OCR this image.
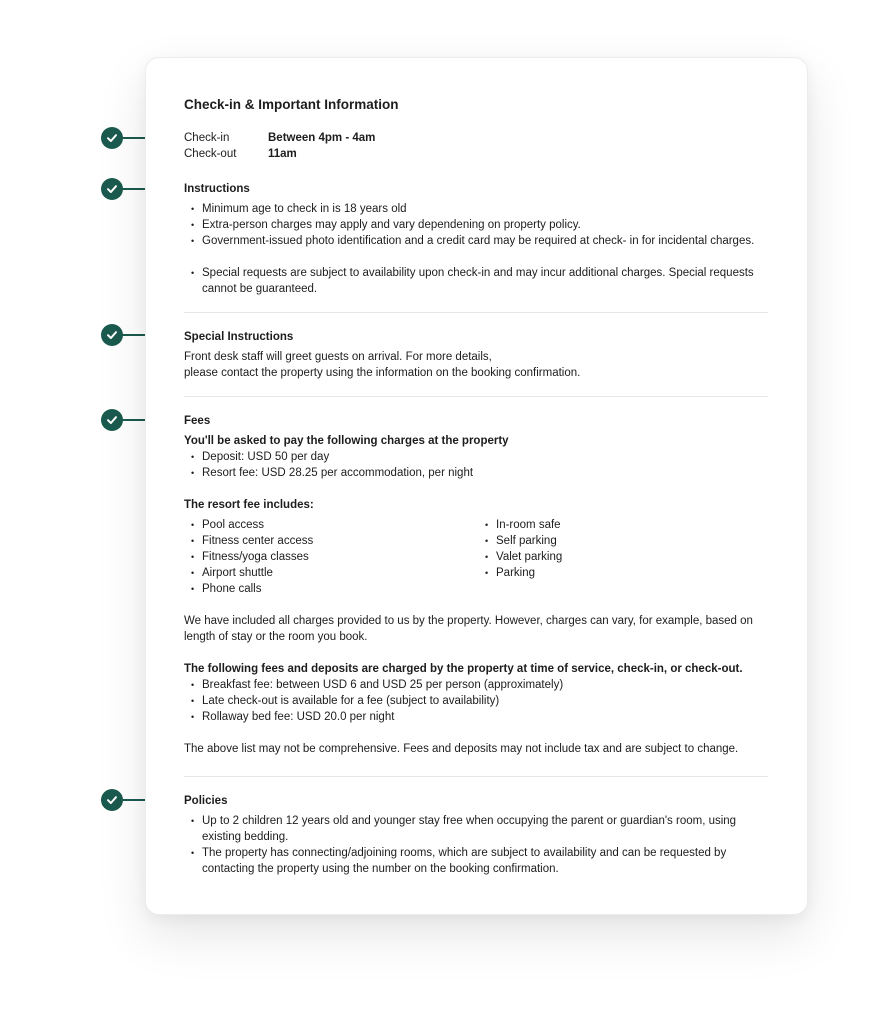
Check-in & Important Information
Check-in	Between 4pm - 4am
Check-out	11am
Instructions
• Minimum age to check in is 18 years old
• Extra-person charges may apply and vary dependening on property policy.
• Government-issued photo identification and a credit card may be required at check- in for incidental charges.
• Special requests are subject to availability upon check-in and may incur additional charges. Special requests cannot be guaranteed.
Special Instructions
Front desk staff will greet guests on arrival. For more details,
please contact the property using the information on the booking confirmation.
Fees
You'll be asked to pay the following charges at the property
• Deposit: USD 50 per day
• Resort fee: USD 28.25 per accommodation, per night
The resort fee includes:
• Pool access
• Fitness center access
• Fitness/yoga classes
• Airport shuttle
• Phone calls
• In-room safe
• Self parking
• Valet parking
• Parking
We have included all charges provided to us by the property. However, charges can vary, for example, based on length of stay or the room you book.
The following fees and deposits are charged by the property at time of service, check-in, or check-out.
• Breakfast fee: between USD 6 and USD 25 per person (approximately)
• Late check-out is available for a fee (subject to availability)
• Rollaway bed fee: USD 20.0 per night
The above list may not be comprehensive. Fees and deposits may not include tax and are subject to change.
Policies
• Up to 2 children 12 years old and younger stay free when occupying the parent or guardian's room, using existing bedding.
• The property has connecting/adjoining rooms, which are subject to availability and can be requested by contacting the property using the number on the booking confirmation.
